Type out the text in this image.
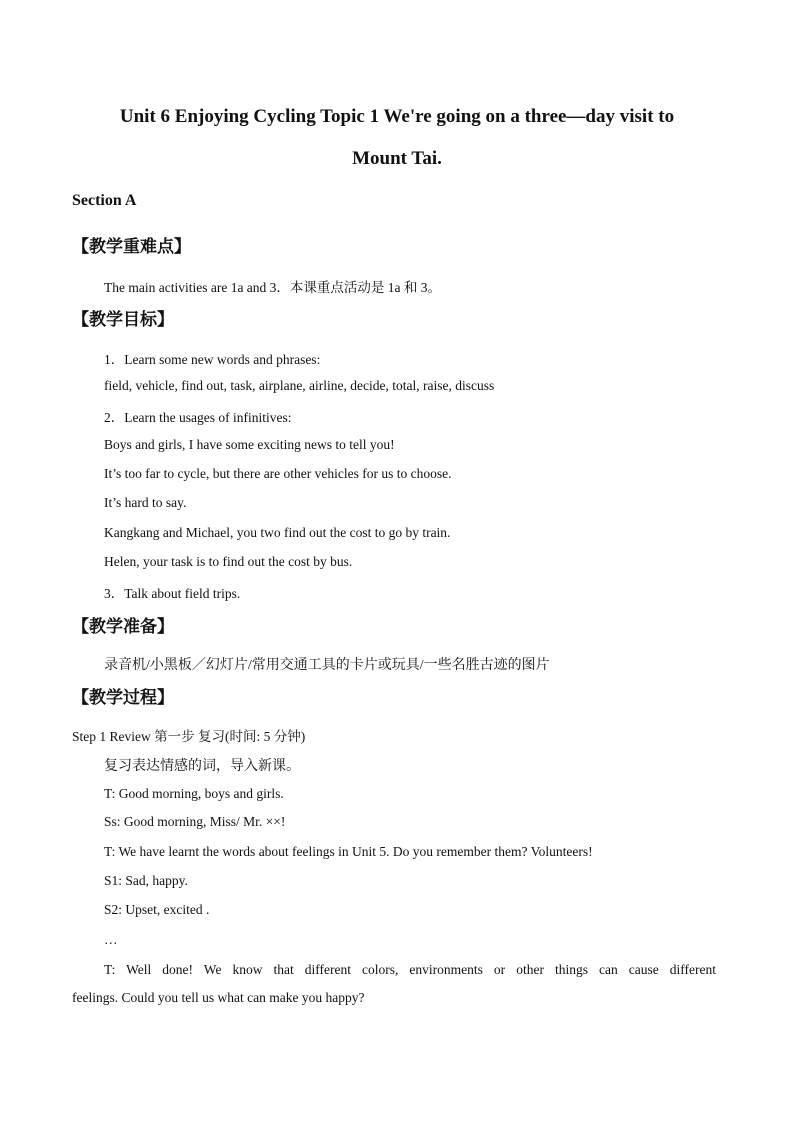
Unit 6 Enjoying Cycling Topic 1 We're going on a three—day visit to
Mount Tai.
Section A
【教学重难点】
The main activities are 1a and 3．本课重点活动是 1a 和 3。
【教学目标】
1．Learn some new words and phrases:
field, vehicle, find out, task, airplane, airline, decide, total, raise, discuss
2．Learn the usages of infinitives:
Boys and girls, I have some exciting news to tell you!
It’s too far to cycle, but there are other vehicles for us to choose.
It’s hard to say.
Kangkang and Michael, you two find out the cost to go by train.
Helen, your task is to find out the cost by bus.
3．Talk about field trips.
【教学准备】
录音机/小黑板／幻灯片/常用交通工具的卡片或玩具/一些名胜古迹的图片
【教学过程】
Step 1 Review 第一步 复习(时间: 5 分钟)
复习表达情感的词，导入新课。
T: Good morning, boys and girls.
Ss: Good morning, Miss/ Mr. ××!
T: We have learnt the words about feelings in Unit 5. Do you remember them? Volunteers!
S1: Sad, happy.
S2: Upset, excited .
…
T: Well done! We know that different colors, environments or other things can cause different
feelings. Could you tell us what can make you happy?
